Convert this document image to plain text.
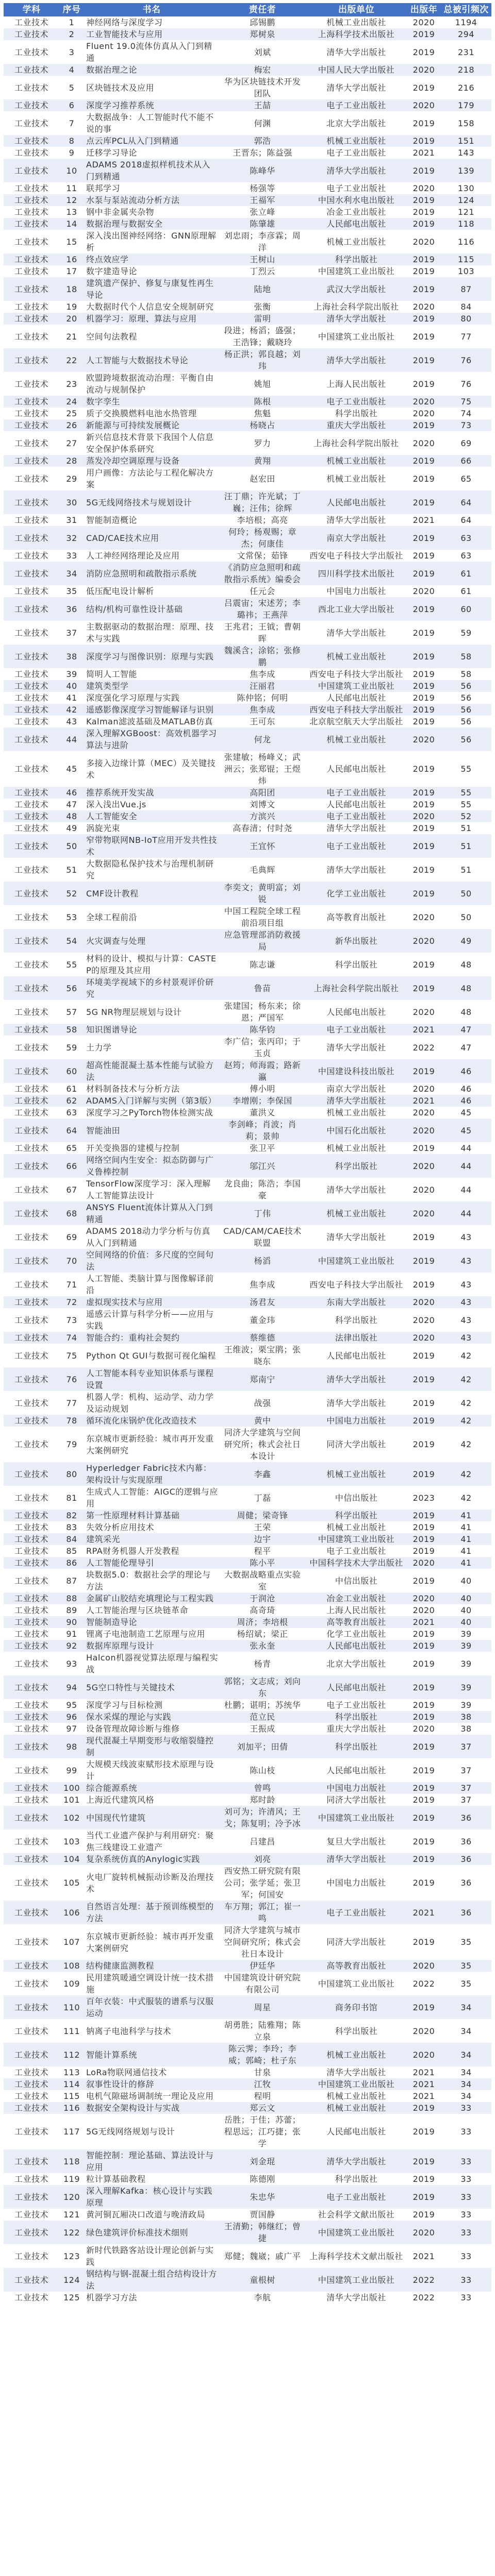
学科	序号	书名	责任者	出版单位	出版年	总被引频次
工业技术	1	神经网络与深度学习	邱锡鹏	机械工业出版社	2020	1194
工业技术	2	工业智能技术与应用	郑树泉	上海科学技术出版社	2019	294
工业技术	3	Fluent 19.0流体仿真从入门到精通	刘斌	清华大学出版社	2019	231
工业技术	4	数据治理之论	梅宏	中国人民大学出版社	2020	218
工业技术	5	区块链技术及应用	华为区块链技术开发团队	清华大学出版社	2019	216
工业技术	6	深度学习推荐系统	王喆	电子工业出版社	2020	179
工业技术	7	大数据战争：人工智能时代不能不说的事	何渊	北京大学出版社	2019	158
工业技术	8	点云库PCL从入门到精通	郭浩	机械工业出版社	2019	151
工业技术	9	迁移学习导论	王晋东；陈益强	电子工业出版社	2021	143
工业技术	10	ADAMS 2018虚拟样机技术从入门到精通	陈峰华	清华大学出版社	2019	139
工业技术	11	联邦学习	杨强等	电子工业出版社	2020	130
工业技术	12	水泵与泵站流动分析方法	王福军	中国水利水电出版社	2019	124
工业技术	13	钢中非金属夹杂物	张立峰	冶金工业出版社	2019	121
工业技术	14	数据治理与数据安全	陈肇雄	人民邮电出版社	2019	118
工业技术	15	深入浅出图神经网络：GNN原理解析	刘忠雨；李彦霖；周洋	机械工业出版社	2020	116
工业技术	16	终点效应学	王树山	科学出版社	2019	115
工业技术	17	数字建造导论	丁烈云	中国建筑工业出版社	2019	103
工业技术	18	建筑遗产保护、修复与康复性再生导论	陆地	武汉大学出版社	2019	87
工业技术	19	大数据时代个人信息安全规制研究	张衡	上海社会科学院出版社	2020	84
工业技术	20	机器学习：原理、算法与应用	雷明	清华大学出版社	2019	80
工业技术	21	空间句法教程	段进；杨滔；盛强；王浩锋；戴晓玲	中国建筑工业出版社	2019	77
工业技术	22	人工智能与大数据技术导论	杨正洪；郭良越；刘玮	清华大学出版社	2019	76
工业技术	23	欧盟跨境数据流动治理：平衡自由流动与规制保护	姚旭	上海人民出版社	2019	76
工业技术	24	数字孪生	陈根	电子工业出版社	2020	75
工业技术	25	质子交换膜燃料电池水热管理	焦魁	科学出版社	2020	74
工业技术	26	新能源与可持续发展概论	杨晓占	重庆大学出版社	2019	73
工业技术	27	新兴信息技术背景下我国个人信息安全保护体系研究	罗力	上海社会科学院出版社	2020	69
工业技术	28	蒸发冷却空调原理与设备	黄翔	机械工业出版社	2019	66
工业技术	29	用户画像：方法论与工程化解决方案	赵宏田	机械工业出版社	2019	65
工业技术	30	5G无线网络技术与规划设计	汪丁鼎；许光斌；丁巍；汪伟；徐辉	人民邮电出版社	2019	64
工业技术	31	智能制造概论	李培根；高亮	清华大学出版社	2021	64
工业技术	32	CAD/CAE技术应用	何玲；杨观赐；章杰；何康佳	南京大学出版社	2019	63
工业技术	33	人工神经网络理论及应用	文常保；茹锋	西安电子科技大学出版社	2019	63
工业技术	34	消防应急照明和疏散指示系统	《消防应急照明和疏散指示系统》编委会	四川科学技术出版社	2019	61
工业技术	35	低压配电设计解析	任元会	中国电力出版社	2020	61
工业技术	36	结构/机构可靠性设计基础	吕震宙；宋述芳；李璐祎；王燕萍	西北工业大学出版社	2019	60
工业技术	37	主数据驱动的数据治理：原理、技术与实践	王兆君；王钺；曹朝晖	清华大学出版社	2019	59
工业技术	38	深度学习与图像识别：原理与实践	魏溪含；涂铭；张修鹏	机械工业出版社	2019	58
工业技术	39	简明人工智能	焦李成	西安电子科技大学出版社	2019	58
工业技术	40	建筑类型学	汪丽君	中国建筑工业出版社	2019	56
工业技术	41	深度强化学习原理与实践	陈仲铭；何明	人民邮电出版社	2019	56
工业技术	42	遥感影像深度学习智能解译与识别	焦李成	西安电子科技大学出版社	2019	56
工业技术	43	Kalman滤波基础及MATLAB仿真	王可东	北京航空航天大学出版社	2019	56
工业技术	44	深入理解XGBoost：高效机器学习算法与进阶	何龙	机械工业出版社	2020	56
工业技术	45	多接入边缘计算（MEC）及关键技术	张建敏；杨峰义；武洲云；张郑锟；王煜炜	人民邮电出版社	2019	55
工业技术	46	推荐系统开发实战	高阳团	电子工业出版社	2019	55
工业技术	47	深入浅出Vue.js	刘博文	人民邮电出版社	2019	55
工业技术	48	人工智能安全	方滨兴	电子工业出版社	2020	52
工业技术	49	涡旋光束	高春清；付时尧	清华大学出版社	2019	51
工业技术	50	窄带物联网NB-IoT应用开发共性技术	王宜怀	电子工业出版社	2019	51
工业技术	51	大数据隐私保护技术与治理机制研究	毛典辉	清华大学出版社	2019	51
工业技术	52	CMF设计教程	李奕文；黄明富；刘锐	化学工业出版社	2019	50
工业技术	53	全球工程前沿	中国工程院全球工程前沿项目组	高等教育出版社	2020	50
工业技术	54	火灾调查与处理	应急管理部消防救援局	新华出版社	2020	49
工业技术	55	材料的设计、模拟与计算：CASTEP的原理及其应用	陈志谦	科学出版社	2019	48
工业技术	56	环境美学视域下的乡村景观评价研究	鲁苗	上海社会科学院出版社	2019	48
工业技术	57	5G NR物理层规划与设计	张建国；杨东来；徐恩；严国军	人民邮电出版社	2020	48
工业技术	58	知识图谱导论	陈华钧	电子工业出版社	2021	47
工业技术	59	土力学	李广信；张丙印；于玉贞	清华大学出版社	2022	47
工业技术	60	超高性能混凝土基本性能与试验方法	赵筠；师海霞；路新瀛	中国建设科技出版社	2019	46
工业技术	61	材料制备技术与分析方法	傅小明	南京大学出版社	2020	46
工业技术	62	ADAMS入门详解与实例（第3版）	李增刚；李保国	清华大学出版社	2021	46
工业技术	63	深度学习之PyTorch物体检测实战	董洪义	机械工业出版社	2020	45
工业技术	64	智能油田	李剑峰；肖波；肖莉；景帅	中国石化出版社	2020	45
工业技术	65	开关变换器的建模与控制	张卫平	机械工业出版社	2019	44
工业技术	66	网络空间内生安全：拟态防御与广义鲁棒控制	邬江兴	科学出版社	2020	44
工业技术	67	TensorFlow深度学习：深入理解人工智能算法设计	龙良曲；陈浩；李国豪	清华大学出版社	2020	44
工业技术	68	ANSYS Fluent流体计算从入门到精通	丁伟	机械工业出版社	2020	44
工业技术	69	ADAMS 2018动力学分析与仿真从入门到精通	CAD/CAM/CAE技术联盟	清华大学出版社	2019	43
工业技术	70	空间网络的价值：多尺度的空间句法	杨滔	中国建筑工业出版社	2019	43
工业技术	71	人工智能、类脑计算与图像解译前沿	焦李成	西安电子科技大学出版社	2019	43
工业技术	72	虚拟现实技术与应用	汤君友	东南大学出版社	2020	43
工业技术	73	遥感云计算与科学分析——应用与实践	董金玮	科学出版社	2020	43
工业技术	74	智能合约：重构社会契约	蔡维德	法律出版社	2020	43
工业技术	75	Python Qt GUI与数据可视化编程	王维波；栗宝鹃；张晓东	人民邮电出版社	2019	42
工业技术	76	人工智能本科专业知识体系与课程设置	郑南宁	清华大学出版社	2019	42
工业技术	77	机器人学：机构、运动学、动力学及运动规划	战强	清华大学出版社	2019	42
工业技术	78	循环流化床锅炉优化改造技术	黄中	中国电力出版社	2019	42
工业技术	79	东京城市更新经验：城市再开发重大案例研究	同济大学建筑与空间研究所；株式会社日本设计	同济大学出版社	2019	42
工业技术	80	Hyperledger Fabric技术内幕：架构设计与实现原理	李鑫	机械工业出版社	2019	42
工业技术	81	生成式人工智能：AIGC的逻辑与应用	丁磊	中信出版社	2023	42
工业技术	82	第一性原理材料计算基础	周健；梁奇锋	科学出版社	2019	41
工业技术	83	失效分析应用技术	王荣	机械工业出版社	2019	41
工业技术	84	建筑采光	边宇	中国建筑工业出版社	2019	41
工业技术	85	RPA财务机器人开发教程	程平	电子工业出版社	2019	41
工业技术	86	人工智能伦理导引	陈小平	中国科学技术大学出版社	2020	41
工业技术	87	块数据5.0：数据社会学的理论与方法	大数据战略重点实验室	中信出版社	2019	40
工业技术	88	金属矿山胶结充填理论与工程实践	于润沧	冶金工业出版社	2020	40
工业技术	89	人工智能治理与区块链革命	高奇琦	上海人民出版社	2020	40
工业技术	90	智能制造导论	周济；李培根	高等教育出版社	2021	40
工业技术	91	锂离子电池制造工艺原理与应用	杨绍斌；梁正	化学工业出版社	2019	39
工业技术	92	数据库原理与设计	张永奎	人民邮电出版社	2019	39
工业技术	93	Halcon机器视觉算法原理与编程实战	杨青	北京大学出版社	2019	39
工业技术	94	5G空口特性与关键技术	郭铭；文志成；刘向东	人民邮电出版社	2019	39
工业技术	95	深度学习与目标检测	杜鹏；谌明；苏统华	电子工业出版社	2019	39
工业技术	96	保水采煤的理论与实践	范立民	科学出版社	2019	38
工业技术	97	设备管理故障诊断与维修	王振成	重庆大学出版社	2020	38
工业技术	98	现代混凝土早期变形与收缩裂缝控制	刘加平；田倩	科学出版社	2019	37
工业技术	99	大规模天线波束赋形技术原理与设计	陈山枝	人民邮电出版社	2019	37
工业技术	100	综合能源系统	曾鸣	中国电力出版社	2019	37
工业技术	101	上海近代建筑风格	郑时龄	同济大学出版社	2019	37
工业技术	102	中国现代竹建筑	刘可为；许清风；王戈；陈复明；冷予冰	中国建筑工业出版社	2019	36
工业技术	103	当代工业遗产保护与利用研究：聚焦三线建设工业遗产	吕建昌	复旦大学出版社	2019	36
工业技术	104	复杂系统仿真的Anylogic实践	刘亮	清华大学出版社	2019	36
工业技术	105	火电厂旋转机械振动诊断及治理技术	西安热工研究院有限公司；张学延；张卫军；何国安	中国电力出版社	2019	36
工业技术	106	自然语言处理：基于预训练模型的方法	车万翔；郭江；崔一鸣	电子工业出版社	2021	36
工业技术	107	东京城市更新经验：城市再开发重大案例研究	同济大学建筑与城市空间研究所；株式会社日本设计	同济大学出版社	2019	35
工业技术	108	结构健康监测教程	伊廷华	高等教育出版社	2020	35
工业技术	109	民用建筑暖通空调设计统一技术措施	中国建筑设计研究院有限公司	中国建筑工业出版社	2022	35
工业技术	110	百年衣装：中式服装的谱系与汉服运动	周星	商务印书馆	2019	34
工业技术	111	钠离子电池科学与技术	胡勇胜；陆雅翔；陈立泉	科学出版社	2020	34
工业技术	112	智能计算系统	陈云霁；李玲；李威；郭崎；杜子东	机械工业出版社	2020	34
工业技术	113	LoRa物联网通信技术	甘泉	清华大学出版社	2021	34
工业技术	114	叙事性设计的修辞	江牧	中国建筑工业出版社	2021	34
工业技术	115	电机气隙磁场调制统一理论及应用	程明	机械工业出版社	2021	34
工业技术	116	数据安全架构设计与实战	郑云文	机械工业出版社	2019	33
工业技术	117	5G无线网络规划与设计	岳胜；于佳；苏蕾；程思远；江巧捷；张学	人民邮电出版社	2019	33
工业技术	118	智能控制：理论基础、算法设计与应用	刘金琨	清华大学出版社	2019	33
工业技术	119	粒计算基础教程	陈德刚	科学出版社	2019	33
工业技术	120	深入理解Kafka：核心设计与实践原理	朱忠华	电子工业出版社	2019	33
工业技术	121	黄河铜瓦厢决口改道与晚清政局	贾国静	社会科学文献出版社	2019	33
工业技术	122	绿色建筑评价标准技术细则	王清勤；韩继红；曾捷	中国建筑工业出版社	2020	33
工业技术	123	新时代铁路客站设计理论创新与实践	郑健；魏崴；戚广平	上海科学技术文献出版社	2021	33
工业技术	124	钢结构与钢-混凝土组合结构设计方法	童根树	中国建筑工业出版社	2022	33
工业技术	125	机器学习方法	李航	清华大学出版社	2022	33
